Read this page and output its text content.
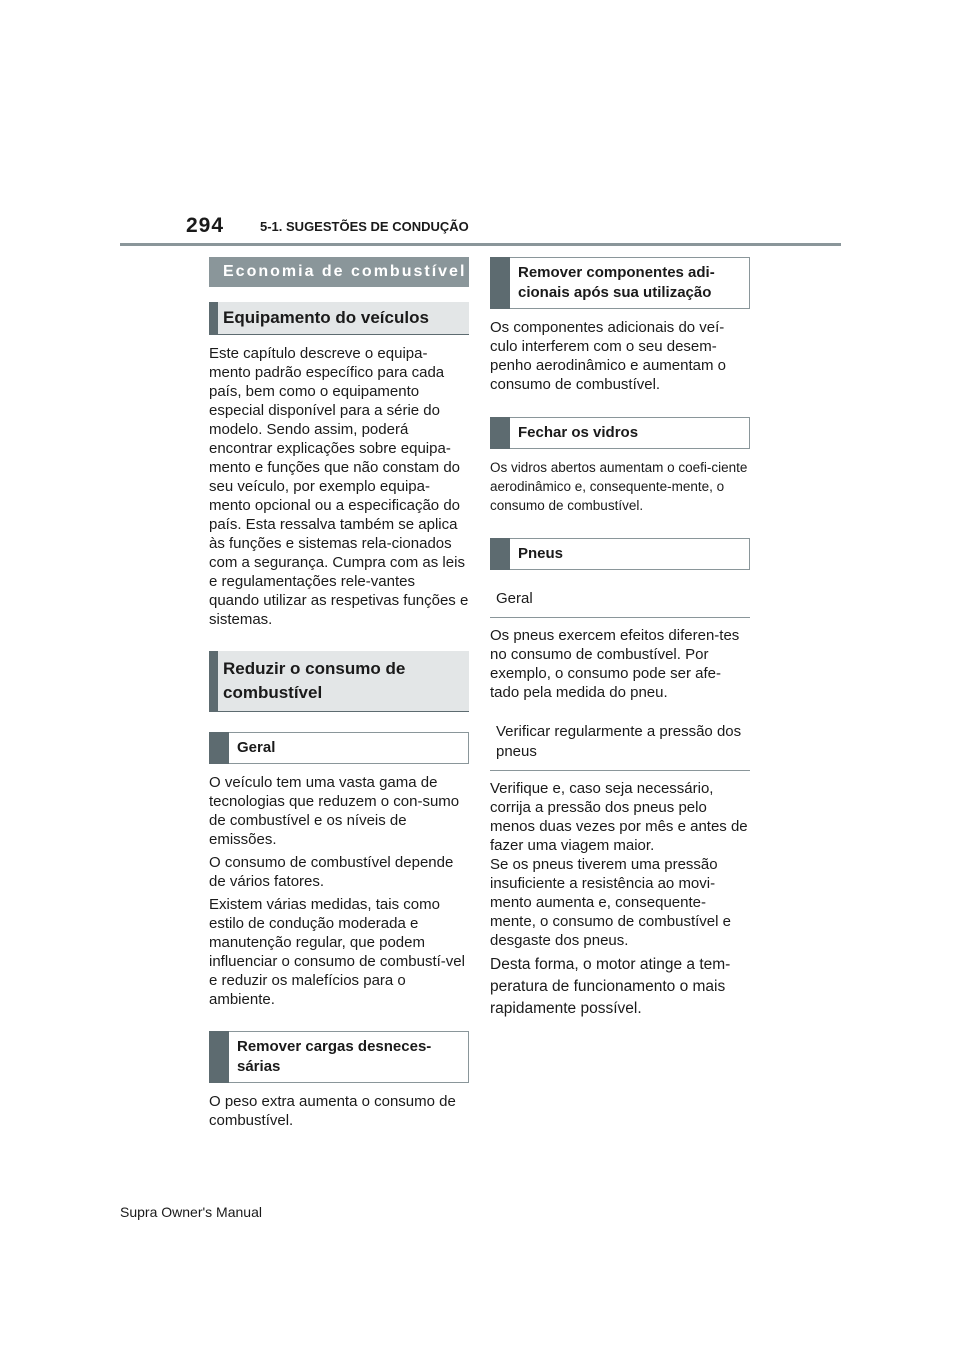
294	5-1. SUGESTÕES DE CONDUÇÃO
Economia de combustível
Equipamento do veículos

Este capítulo descreve o equipa-mento padrão específico para cada país, bem como o equipamento especial disponível para a série do modelo. Sendo assim, poderá encontrar explicações sobre equipa-mento e funções que não constam do seu veículo, por exemplo equipa-mento opcional ou a especificação do país. Esta ressalva também se aplica às funções e sistemas rela-cionados com a segurança. Cumpra com as leis e regulamentações rele-vantes quando utilizar as respetivas funções e sistemas.

Reduzir o consumo de combustível
Geral

O veículo tem uma vasta gama de tecnologias que reduzem o con-sumo de combustível e os níveis de emissões.

O consumo de combustível depende de vários fatores.

Existem várias medidas, tais como estilo de condução moderada e manutenção regular, que podem influenciar o consumo de combustí-vel e reduzir os malefícios para o ambiente.

Remover cargas desneces-sárias

O peso extra aumenta o consumo de combustível.

Remover componentes adi-cionais após sua utilização

Os componentes adicionais do veí-culo interferem com o seu desem-penho aerodinâmico e aumentam o consumo de combustível.

Fechar os vidros

Os vidros abertos aumentam o coefi-ciente aerodinâmico e, consequente-mente, o consumo de combustível.

Pneus
Geral

Os pneus exercem efeitos diferen-tes no consumo de combustível. Por exemplo, o consumo pode ser afe-tado pela medida do pneu.

Verificar regularmente a pressão dos pneus

Verifique e, caso seja necessário, corrija a pressão dos pneus pelo menos duas vezes por mês e antes de fazer uma viagem maior.

Se os pneus tiverem uma pressão insuficiente a resistência ao movi-mento aumenta e, consequente-mente, o consumo de combustível e desgaste dos pneus.

Desta forma, o motor atinge a tem-peratura de funcionamento o mais rapidamente possível.

Supra Owner's Manual
